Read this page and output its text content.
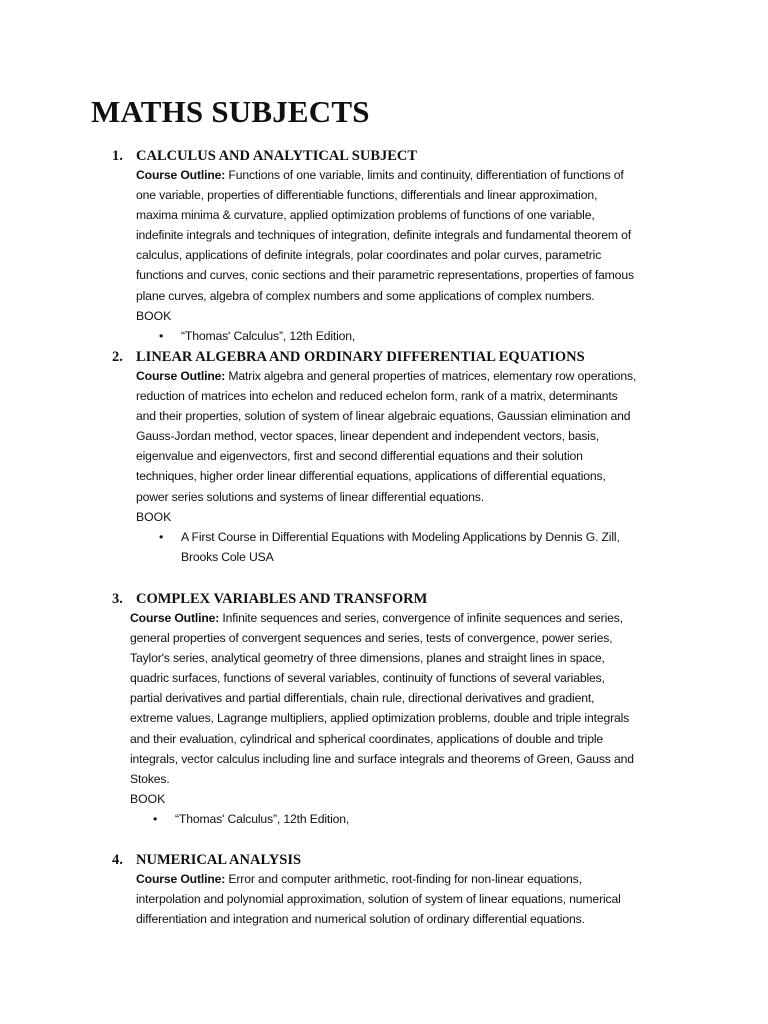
MATHS SUBJECTS
1. CALCULUS AND ANALYTICAL SUBJECT

Course Outline: Functions of one variable, limits and continuity, differentiation of functions of
one variable, properties of differentiable functions, differentials and linear approximation,
maxima minima & curvature, applied optimization problems of functions of one variable,
indefinite integrals and techniques of integration, definite integrals and fundamental theorem of
calculus, applications of definite integrals, polar coordinates and polar curves, parametric
functions and curves, conic sections and their parametric representations, properties of famous
plane curves, algebra of complex numbers and some applications of complex numbers.

BOOK

• “Thomas' Calculus”, 12th Edition,
2. LINEAR ALGEBRA AND ORDINARY DIFFERENTIAL EQUATIONS

Course Outline: Matrix algebra and general properties of matrices, elementary row operations,
reduction of matrices into echelon and reduced echelon form, rank of a matrix, determinants
and their properties, solution of system of linear algebraic equations, Gaussian elimination and
Gauss-Jordan method, vector spaces, linear dependent and independent vectors, basis,
eigenvalue and eigenvectors, first and second differential equations and their solution
techniques, higher order linear differential equations, applications of differential equations,
power series solutions and systems of linear differential equations.

BOOK

• A First Course in Differential Equations with Modeling Applications by Dennis G. Zill,
Brooks Cole USA
3. COMPLEX VARIABLES AND TRANSFORM

Course Outline: Infinite sequences and series, convergence of infinite sequences and series,
general properties of convergent sequences and series, tests of convergence, power series,
Taylor's series, analytical geometry of three dimensions, planes and straight lines in space,
quadric surfaces, functions of several variables, continuity of functions of several variables,
partial derivatives and partial differentials, chain rule, directional derivatives and gradient,
extreme values, Lagrange multipliers, applied optimization problems, double and triple integrals
and their evaluation, cylindrical and spherical coordinates, applications of double and triple
integrals, vector calculus including line and surface integrals and theorems of Green, Gauss and
Stokes.

BOOK

• “Thomas' Calculus”, 12th Edition,
4. NUMERICAL ANALYSIS

Course Outline: Error and computer arithmetic, root-finding for non-linear equations,
interpolation and polynomial approximation, solution of system of linear equations, numerical
differentiation and integration and numerical solution of ordinary differential equations.
